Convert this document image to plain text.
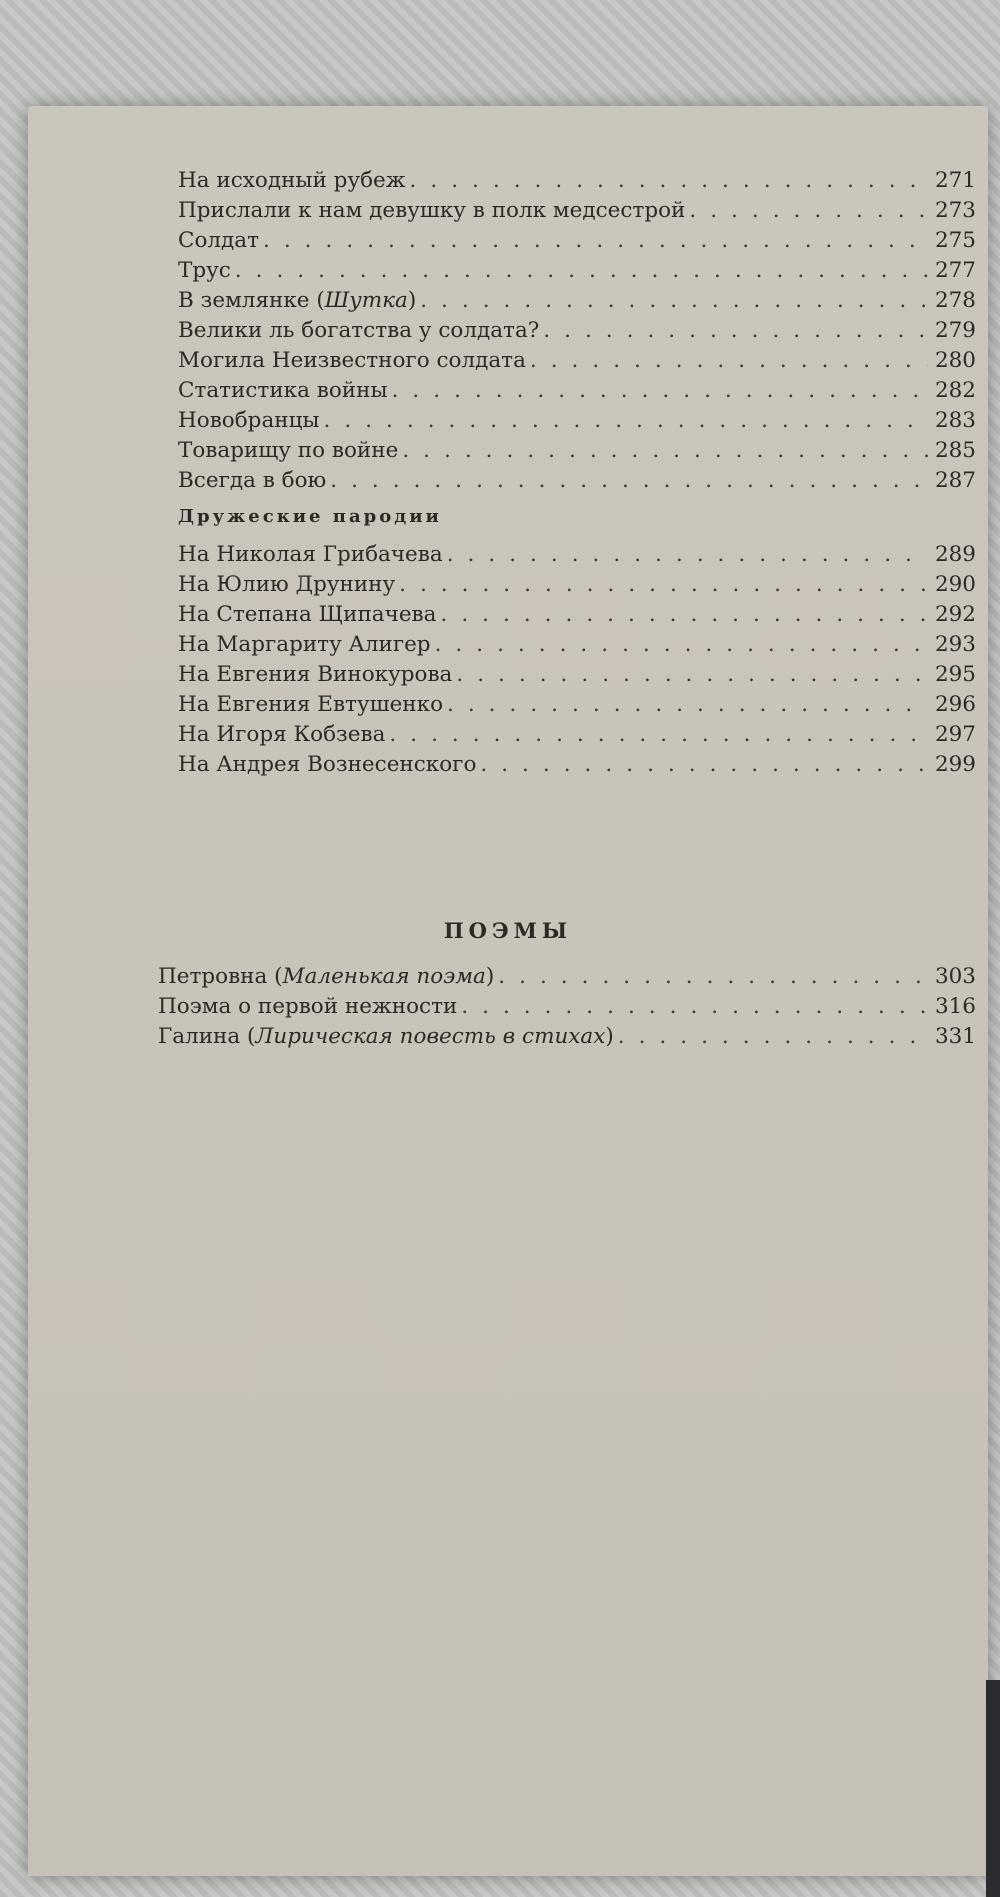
На исходный рубеж .....	271
Прислали к нам девушку в полк медсестрой .....	273
Солдат .....	275
Трус .....	277
В землянке (Шутка) .....	278
Велики ль богатства у солдата? .....	279
Могила Неизвестного солдата .....	280
Статистика войны .....	282
Новобранцы .....	283
Товарищу по войне .....	285
Всегда в бою .....	287
Дружеские пародии
На Николая Грибачева .....	289
На Юлию Друнину .....	290
На Степана Щипачева .....	292
На Маргариту Алигер .....	293
На Евгения Винокурова .....	295
На Евгения Евтушенко .....	296
На Игоря Кобзева .....	297
На Андрея Вознесенского .....	299
ПОЭМЫ
Петровна (Маленькая поэма) .....	303
Поэма о первой нежности .....	316
Галина (Лирическая повесть в стихах) .....	331
